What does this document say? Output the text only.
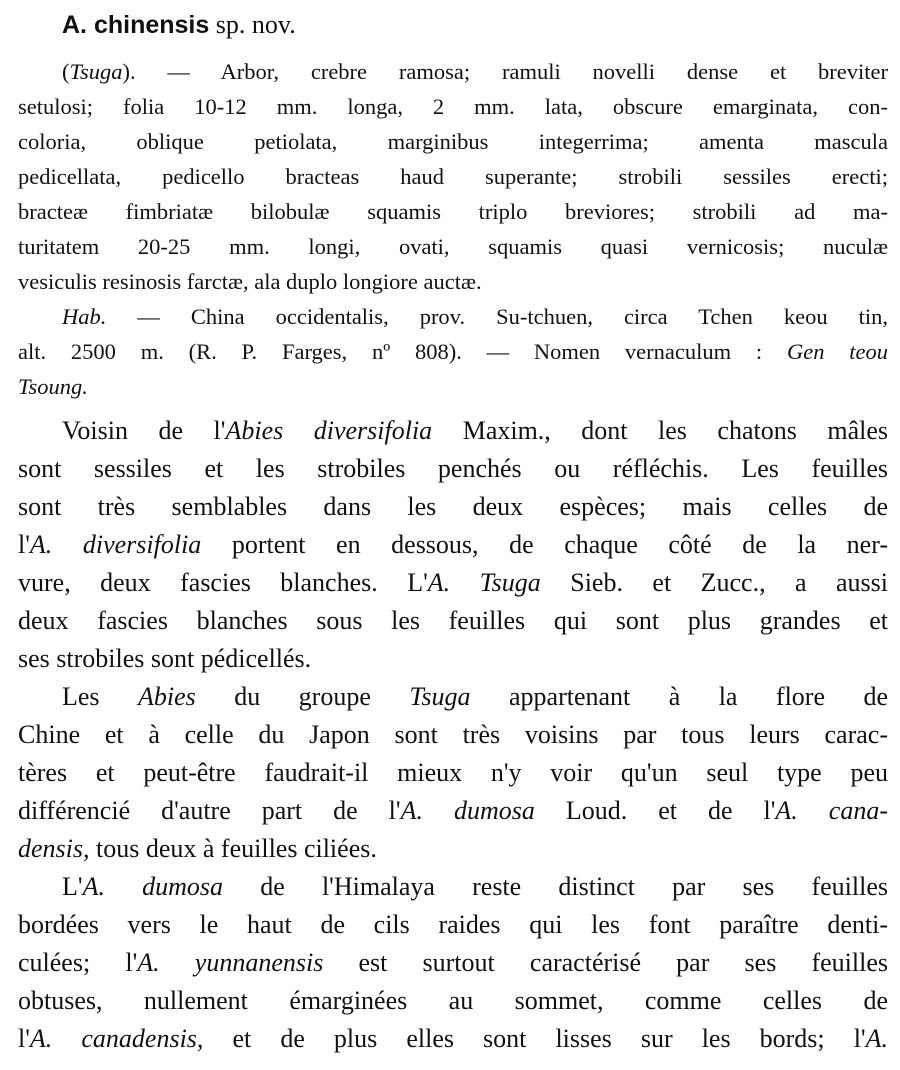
A. chinensis sp. nov.
(Tsuga). — Arbor, crebre ramosa; ramuli novelli dense et breviter
setulosi; folia 10-12 mm. longa, 2 mm. lata, obscure emarginata, con-
coloria, oblique petiolata, marginibus integerrima; amenta mascula
pedicellata, pedicello bracteas haud superante; strobili sessiles erecti;
bracteæ fimbriatæ bilobulæ squamis triplo breviores; strobili ad ma-
turitatem 20-25 mm. longi, ovati, squamis quasi vernicosis; nuculæ
vesiculis resinosis farctæ, ala duplo longiore auctæ.
Hab. — China occidentalis, prov. Su-tchuen, circa Tchen keou tin,
alt. 2500 m. (R. P. Farges, nº 808). — Nomen vernaculum : Gen teou
Tsoung.
Voisin de l'Abies diversifolia Maxim., dont les chatons mâles
sont sessiles et les strobiles penchés ou réfléchis. Les feuilles
sont très semblables dans les deux espèces; mais celles de
l'A. diversifolia portent en dessous, de chaque côté de la ner-
vure, deux fascies blanches. L'A. Tsuga Sieb. et Zucc., a aussi
deux fascies blanches sous les feuilles qui sont plus grandes et
ses strobiles sont pédicellés.
Les Abies du groupe Tsuga appartenant à la flore de
Chine et à celle du Japon sont très voisins par tous leurs carac-
tères et peut-être faudrait-il mieux n'y voir qu'un seul type peu
différencié d'autre part de l'A. dumosa Loud. et de l'A. cana-
densis, tous deux à feuilles ciliées.
L'A. dumosa de l'Himalaya reste distinct par ses feuilles
bordées vers le haut de cils raides qui les font paraître denti-
culées; l'A. yunnanensis est surtout caractérisé par ses feuilles
obtuses, nullement émarginées au sommet, comme celles de
l'A. canadensis, et de plus elles sont lisses sur les bords; l'A.
